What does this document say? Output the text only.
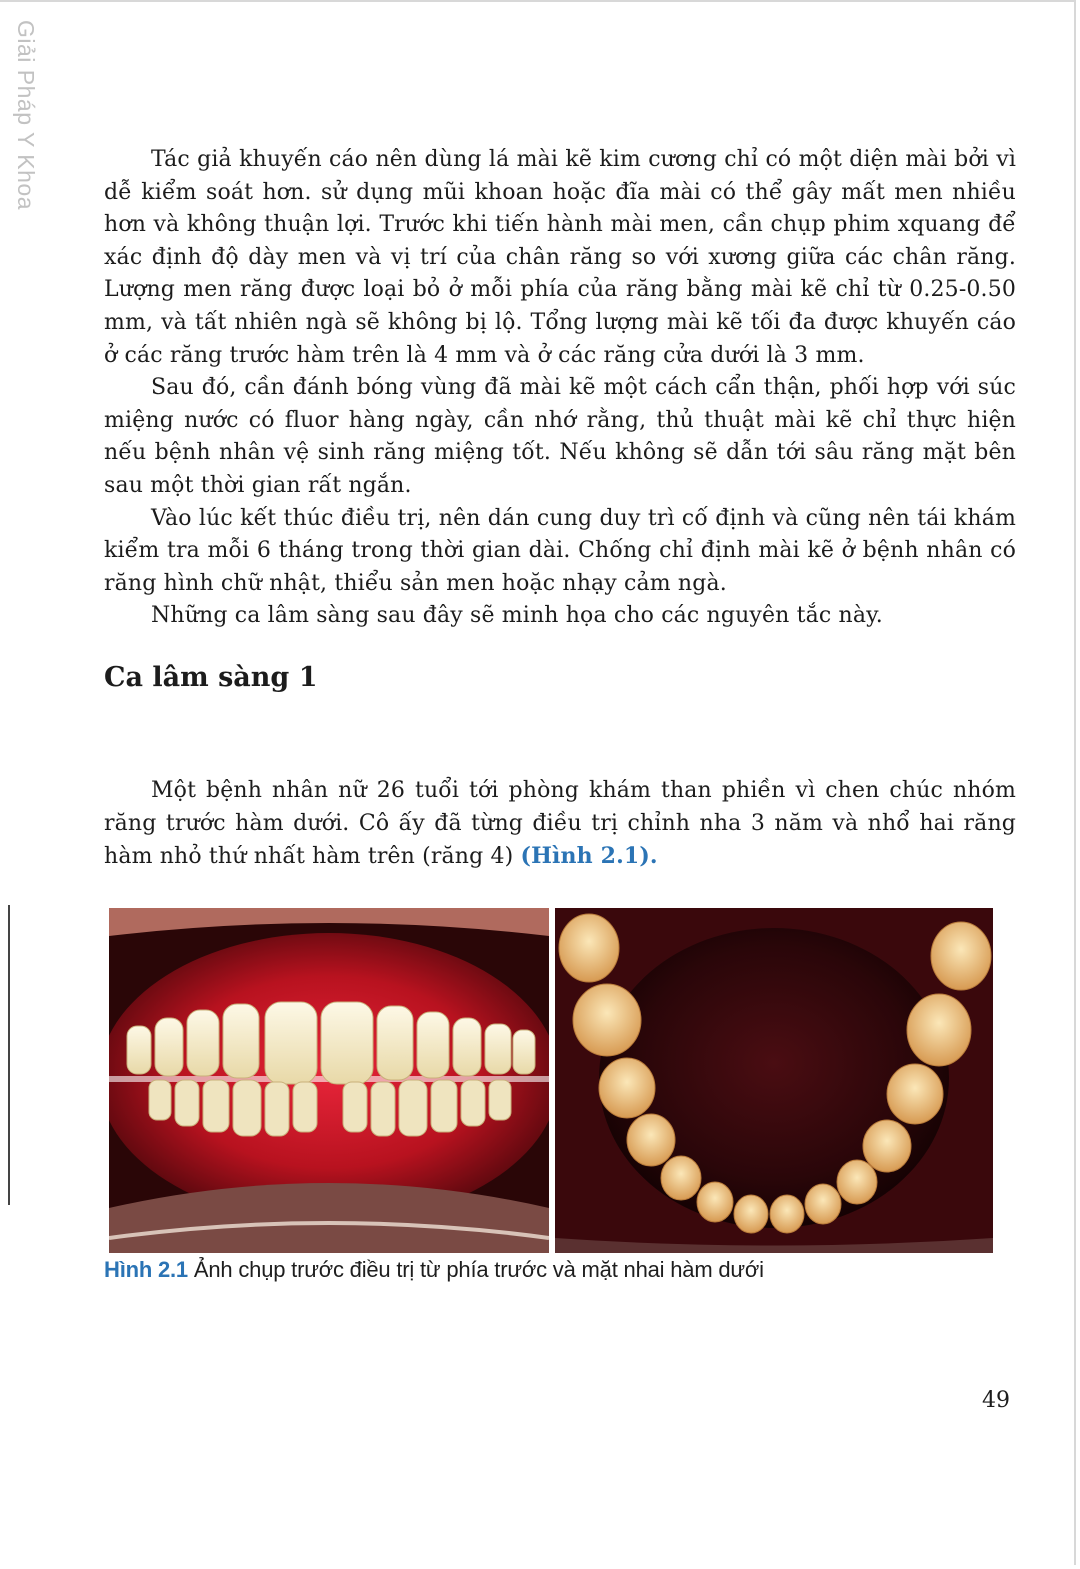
Giải Pháp Y Khoa	Tác giả khuyến cáo nên dùng lá mài kẽ kim cương chỉ có một diện mài bởi vì dễ kiểm soát hơn. sử dụng mũi khoan hoặc đĩa mài có thể gây mất men nhiều hơn và không thuận lợi. Trước khi tiến hành mài men, cần chụp phim xquang để xác định độ dày men và vị trí của chân răng so với xương giữa các chân răng. Lượng men răng được loại bỏ ở mỗi phía của răng bằng mài kẽ chỉ từ 0.25-0.50 mm, và tất nhiên ngà sẽ không bị lộ. Tổng lượng mài kẽ tối đa được khuyến cáo ở các răng trước hàm trên là 4 mm và ở các răng cửa dưới là 3 mm.

Sau đó, cần đánh bóng vùng đã mài kẽ một cách cẩn thận, phối hợp với súc miệng nước có fluor hàng ngày, cần nhớ rằng, thủ thuật mài kẽ chỉ thực hiện nếu bệnh nhân vệ sinh răng miệng tốt. Nếu không sẽ dẫn tới sâu răng mặt bên sau một thời gian rất ngắn.

Vào lúc kết thúc điều trị, nên dán cung duy trì cố định và cũng nên tái khám kiểm tra mỗi 6 tháng trong thời gian dài. Chống chỉ định mài kẽ ở bệnh nhân có răng hình chữ nhật, thiểu sản men hoặc nhạy cảm ngà.

Những ca lâm sàng sau đây sẽ minh họa cho các nguyên tắc này.

Ca lâm sàng 1

Một bệnh nhân nữ 26 tuổi tới phòng khám than phiền vì chen chúc nhóm răng trước hàm dưới. Cô ấy đã từng điều trị chỉnh nha 3 năm và nhổ hai răng hàm nhỏ thứ nhất hàm trên (răng 4) (Hình 2.1).

Hình 2.1 Ảnh chụp trước điều trị từ phía trước và mặt nhai hàm dưới
49
